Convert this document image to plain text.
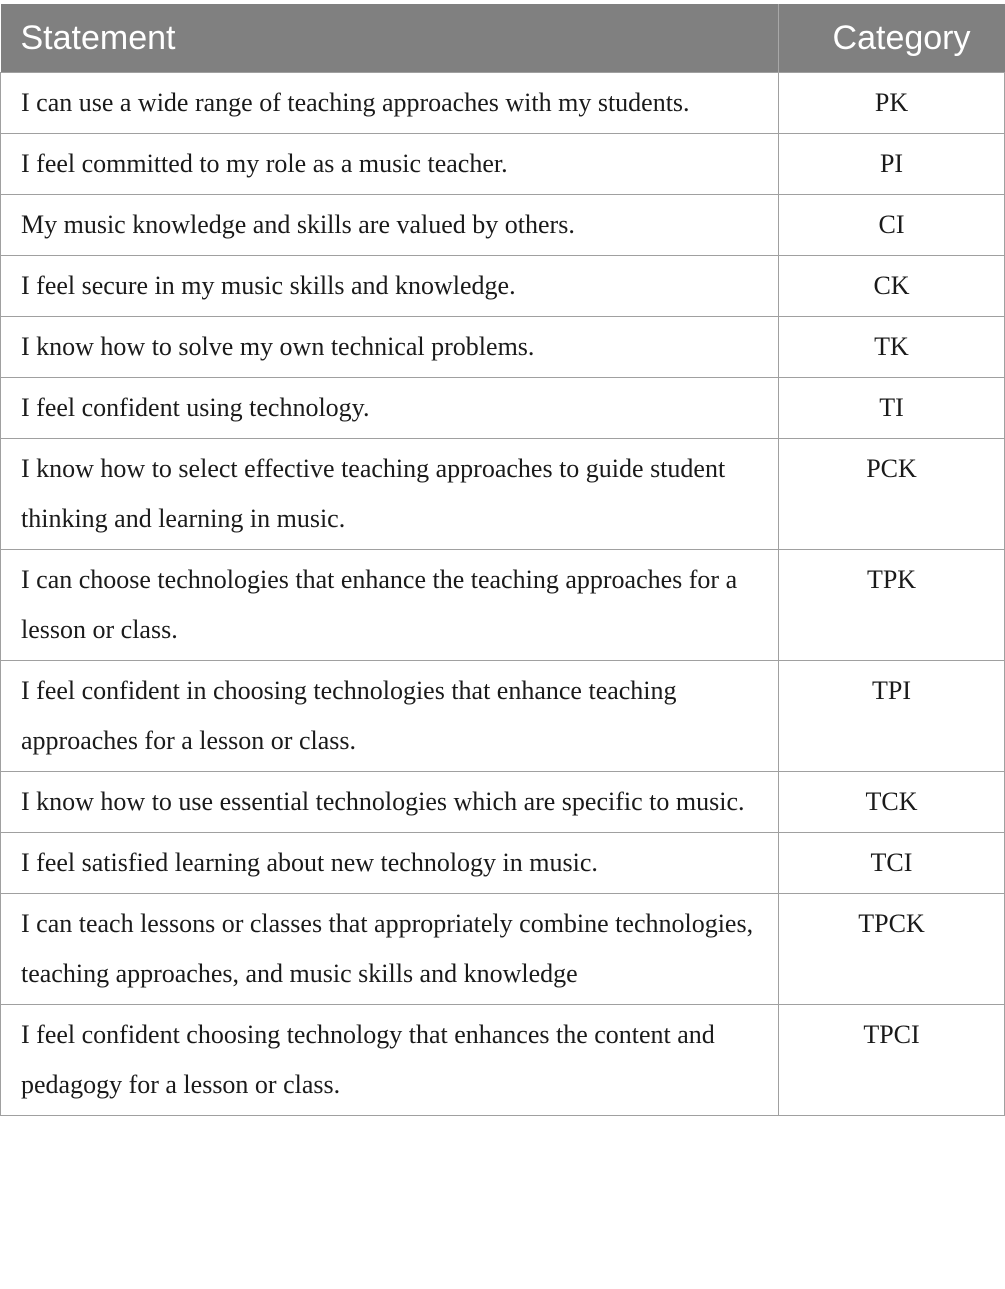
Statement	Category
I can use a wide range of teaching approaches with my students.	PK
I feel committed to my role as a music teacher.	PI
My music knowledge and skills are valued by others.	CI
I feel secure in my music skills and knowledge.	CK
I know how to solve my own technical problems.	TK
I feel confident using technology.	TI
I know how to select effective teaching approaches to guide student thinking and learning in music.	PCK
I can choose technologies that enhance the teaching approaches for a lesson or class.	TPK
I feel confident in choosing technologies that enhance teaching approaches for a lesson or class.	TPI
I know how to use essential technologies which are specific to music.	TCK
I feel satisfied learning about new technology in music.	TCI
I can teach lessons or classes that appropriately combine technologies, teaching approaches, and music skills and knowledge	TPCK
I feel confident choosing technology that enhances the content and pedagogy for a lesson or class.	TPCI
